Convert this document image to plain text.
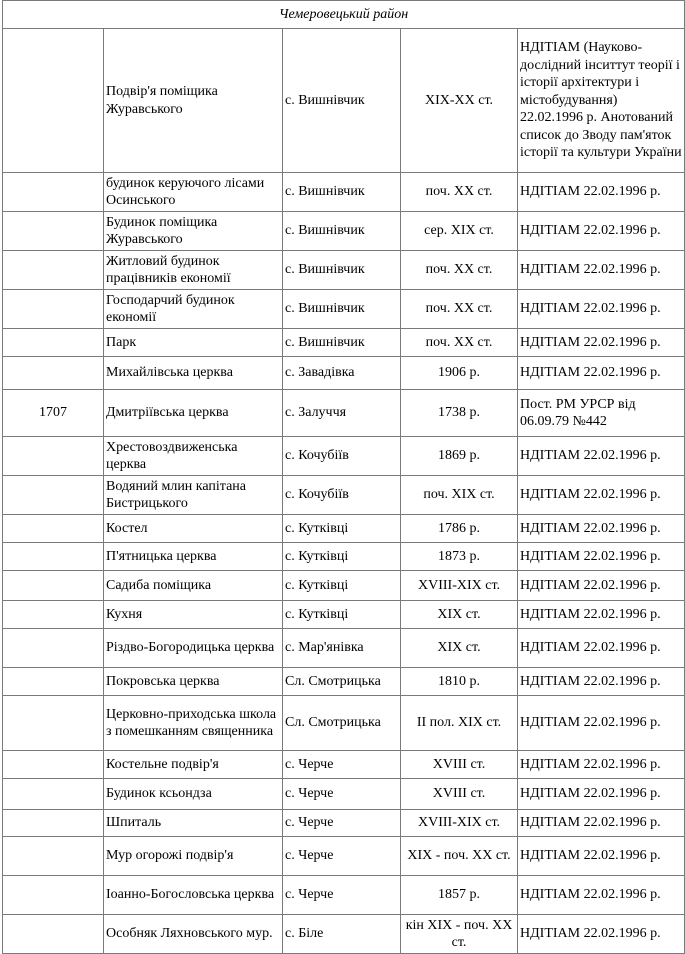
Чемеровецький район				
	Подвір'я поміщика Журавського	с. Вишнівчик	XIX-XX ст.	НДІТІАМ (Науково-дослідний інситтут теорії і історії архітектури і містобудування) 22.02.1996 р. Анотований список до Зводу пам'яток історії та культури України
	будинок керуючого лісами Осинського	с. Вишнівчик	поч. XX ст.	НДІТІАМ 22.02.1996 р.
	Будинок поміщика Журавського	с. Вишнівчик	сер. XIX ст.	НДІТІАМ 22.02.1996 р.
	Житловий будинок працівників економії	с. Вишнівчик	поч. XX ст.	НДІТІАМ 22.02.1996 р.
	Господарчий будинок економії	с. Вишнівчик	поч. XX ст.	НДІТІАМ 22.02.1996 р.
	Парк	с. Вишнівчик	поч. XX ст.	НДІТІАМ 22.02.1996 р.
	Михайлівська церква	с. Завадівка	1906 р.	НДІТІАМ 22.02.1996 р.
1707	Дмитріївська церква	с. Залуччя	1738 р.	Пост. РМ УРСР від 06.09.79 №442
	Хрестовоздвиженська церква	с. Кочубіїв	1869 р.	НДІТІАМ 22.02.1996 р.
	Водяний млин капітана Бистрицького	с. Кочубіїв	поч. XIX ст.	НДІТІАМ 22.02.1996 р.
	Костел	с. Кутківці	1786 р.	НДІТІАМ 22.02.1996 р.
	П'ятницька церква	с. Кутківці	1873 р.	НДІТІАМ 22.02.1996 р.
	Садиба поміщика	с. Кутківці	XVIII-XIX ст.	НДІТІАМ 22.02.1996 р.
	Кухня	с. Кутківці	XIX ст.	НДІТІАМ 22.02.1996 р.
	Різдво-Богородицька церква	с. Мар'янівка	XIX ст.	НДІТІАМ 22.02.1996 р.
	Покровська церква	Сл. Смотрицька	1810 р.	НДІТІАМ 22.02.1996 р.
	Церковно-приходська школа з помешканням священника	Сл. Смотрицька	II пол. XIX ст.	НДІТІАМ 22.02.1996 р.
	Костельне подвір'я	с. Черче	XVIII ст.	НДІТІАМ 22.02.1996 р.
	Будинок ксьондза	с. Черче	XVIII ст.	НДІТІАМ 22.02.1996 р.
	Шпиталь	с. Черче	XVIII-XIX ст.	НДІТІАМ 22.02.1996 р.
	Мур огорожі подвір'я	с. Черче	XIX - поч. XX ст.	НДІТІАМ 22.02.1996 р.
	Іоанно-Богословська церква	с. Черче	1857 р.	НДІТІАМ 22.02.1996 р.
	Особняк Ляхновського мур.	с. Біле	кін XIX - поч. XX ст.	НДІТІАМ 22.02.1996 р.
